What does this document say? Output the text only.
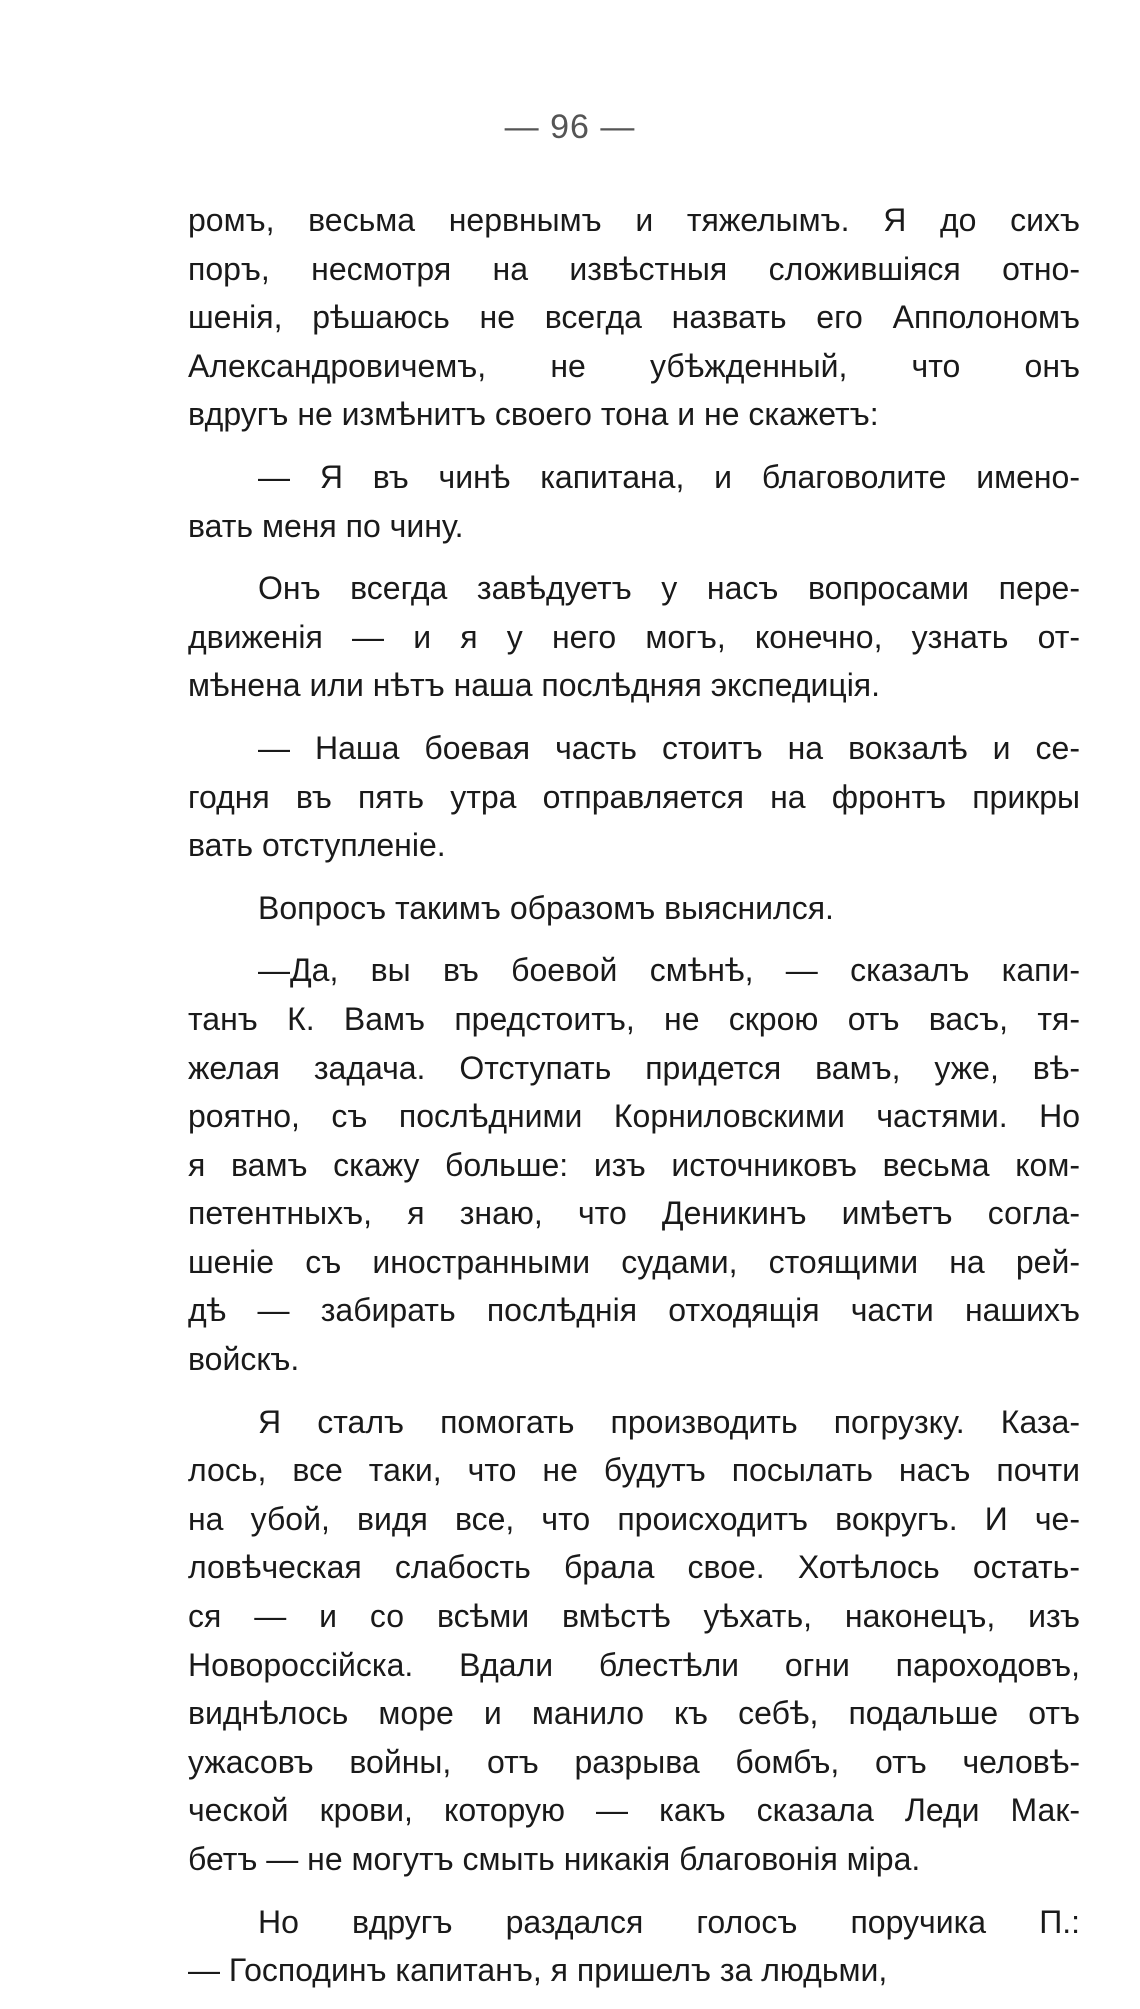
— 96 —
ромъ, весьма нервнымъ и тяжелымъ. Я до сихъ
поръ, несмотря на извѣстныя сложившіяся отно-
шенія, рѣшаюсь не всегда назвать его Апполономъ
Александровичемъ, не убѣжденный, что онъ
вдругъ не измѣнитъ своего тона и не скажетъ:
— Я въ чинѣ капитана, и благоволите имено-
вать меня по чину.
Онъ всегда завѣдуетъ у насъ вопросами пере-
движенія — и я у него могъ, конечно, узнать от-
мѣнена или нѣтъ наша послѣдняя экспедиція.
— Наша боевая часть стоитъ на вокзалѣ и се-
годня въ пять утра отправляется на фронтъ прикры
вать отступленіе.
Вопросъ такимъ образомъ выяснился.
—Да, вы въ боевой смѣнѣ, — сказалъ капи-
танъ К. Вамъ предстоитъ, не скрою отъ васъ, тя-
желая задача. Отступать придется вамъ, уже, вѣ-
роятно, съ послѣдними Корниловскими частями. Но
я вамъ скажу больше: изъ источниковъ весьма ком-
петентныхъ, я знаю, что Деникинъ имѣетъ согла-
шеніе съ иностранными судами, стоящими на рей-
дѣ — забирать послѣднія отходящія части нашихъ
войскъ.
Я сталъ помогать производить погрузку. Каза-
лось, все таки, что не будутъ посылать насъ почти
на убой, видя все, что происходитъ вокругъ. И че-
ловѣческая слабость брала свое. Хотѣлось остать-
ся — и со всѣми вмѣстѣ уѣхать, наконецъ, изъ
Новороссійска. Вдали блестѣли огни пароходовъ,
виднѣлось море и манило къ себѣ, подальше отъ
ужасовъ войны, отъ разрыва бомбъ, отъ человѣ-
ческой крови, которую — какъ сказала Леди Мак-
бетъ — не могутъ смыть никакія благовонія міра.
Но вдругъ раздался голосъ поручика П.:
— Господинъ капитанъ, я пришелъ за людьми,
